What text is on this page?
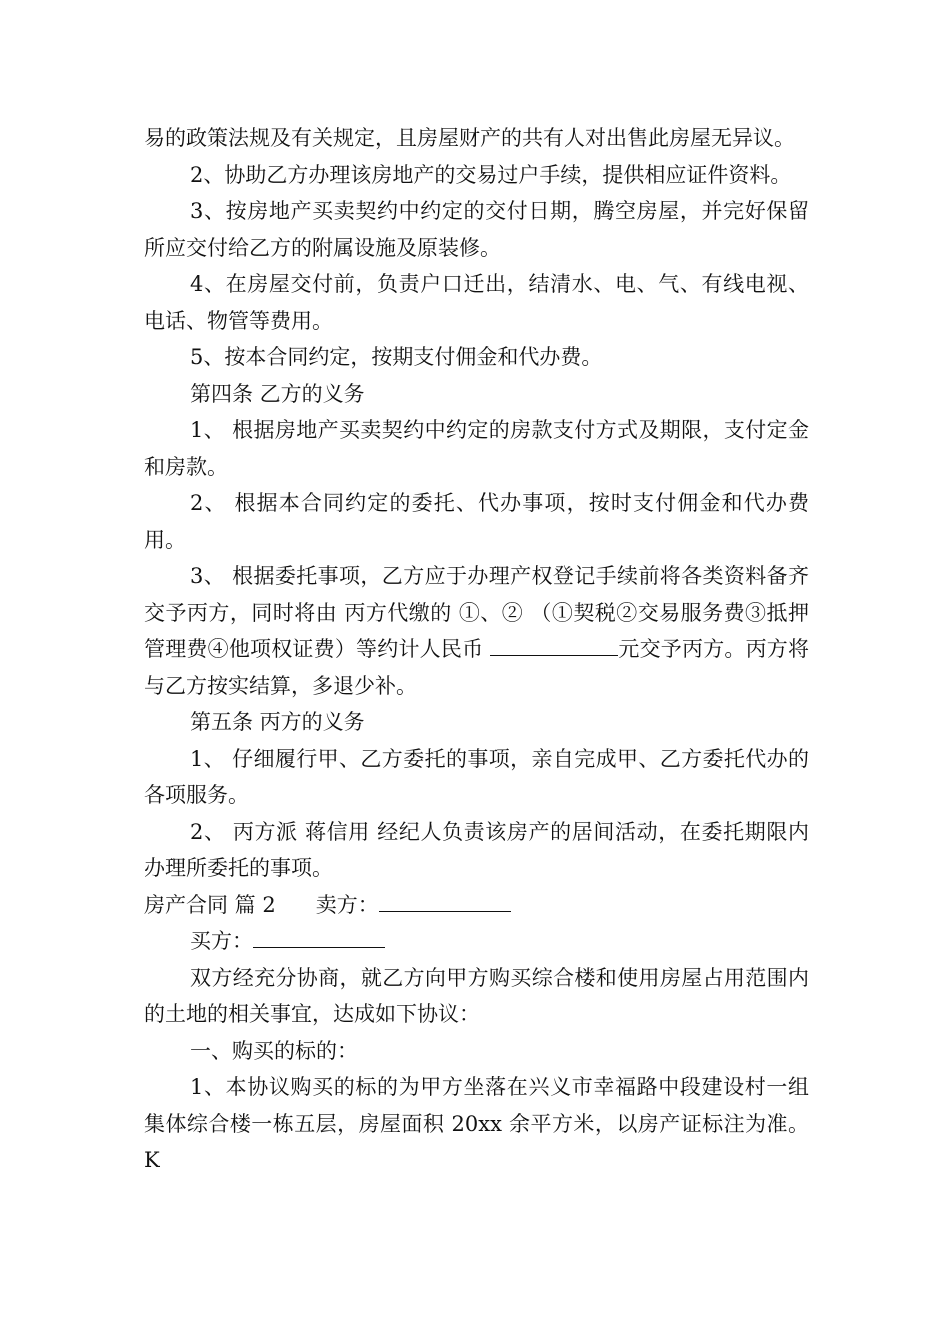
易的政策法规及有关规定，且房屋财产的共有人对出售此房屋无异议。

2、协助乙方办理该房地产的交易过户手续，提供相应证件资料。

3、按房地产买卖契约中约定的交付日期，腾空房屋，并完好保留所应交付给乙方的附属设施及原装修。

4、在房屋交付前，负责户口迁出，结清水、电、气、有线电视、电话、物管等费用。

5、按本合同约定，按期支付佣金和代办费。

第四条 乙方的义务

1、 根据房地产买卖契约中约定的房款支付方式及期限，支付定金和房款。

2、 根据本合同约定的委托、代办事项，按时支付佣金和代办费用。

3、 根据委托事项，乙方应于办理产权登记手续前将各类资料备齐交予丙方，同时将由 丙方代缴的 ①、② （①契税②交易服务费③抵押管理费④他项权证费）等约计人民币	元交予丙方。丙方将与乙方按实结算，多退少补。

第五条 丙方的义务

1、 仔细履行甲、乙方委托的事项，亲自完成甲、乙方委托代办的各项服务。

2、 丙方派 蒋信用 经纪人负责该房产的居间活动，在委托期限内办理所委托的事项。

房产合同 篇 2 卖方：

买方：

双方经充分协商，就乙方向甲方购买综合楼和使用房屋占用范围内的土地的相关事宜，达成如下协议：

一、购买的标的：

1、本协议购买的标的为甲方坐落在兴义市幸福路中段建设村一组集体综合楼一栋五层，房屋面积 20xx 余平方米，以房产证标注为准。K
